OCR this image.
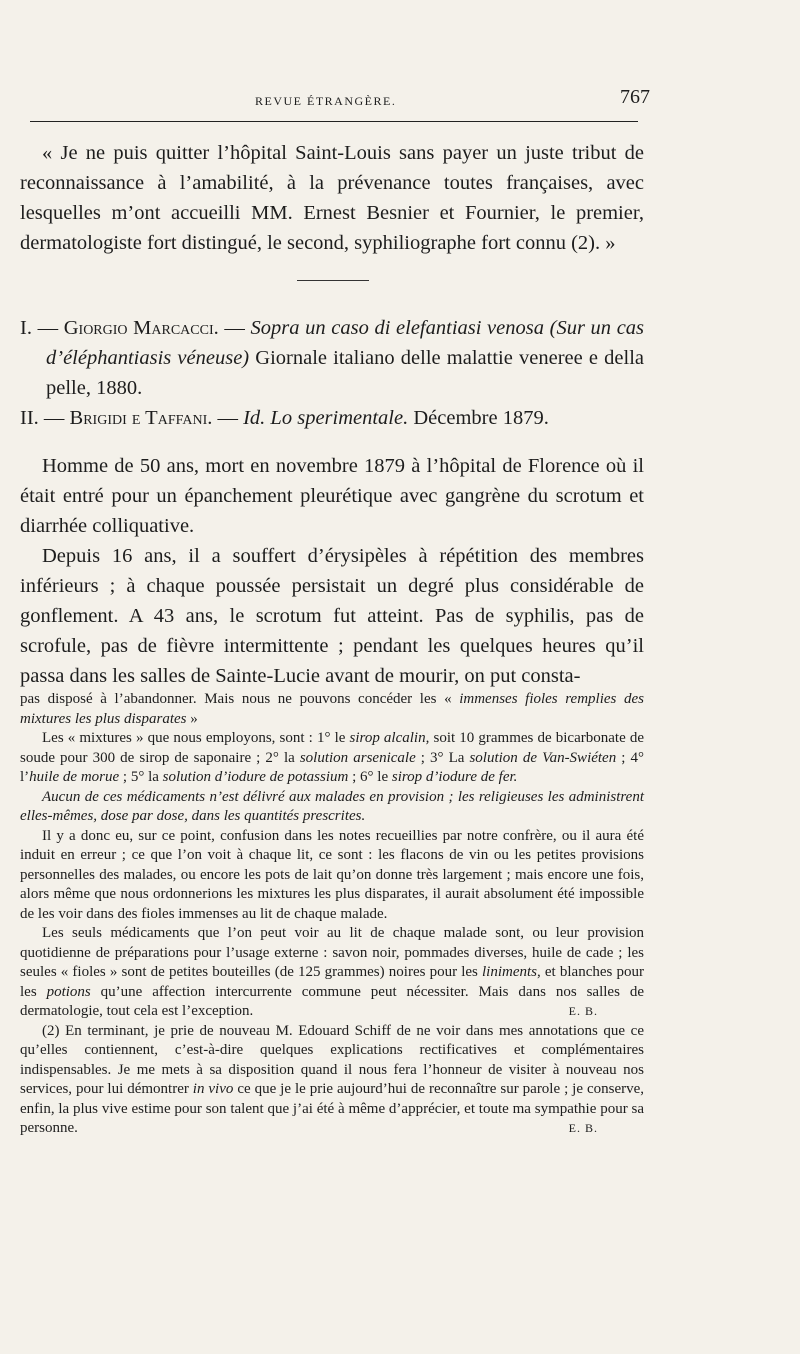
REVUE ÉTRANGÈRE.	767

« Je ne puis quitter l’hôpital Saint-Louis sans payer un juste tribut de reconnaissance à l’amabilité, à la prévenance toutes françaises, avec lesquelles m’ont accueilli MM. Ernest Besnier et Fournier, le premier, dermatologiste fort distingué, le second, syphiliographe fort connu (2). »

I. — Giorgio Marcacci. — Sopra un caso di elefantiasi venosa (Sur un cas d’éléphantiasis véneuse) Giornale italiano delle malattie veneree e della pelle, 1880.

II. — Brigidi e Taffani. — Id. Lo sperimentale. Décembre 1879.

Homme de 50 ans, mort en novembre 1879 à l’hôpital de Florence où il était entré pour un épanchement pleurétique avec gangrène du scrotum et diarrhée colliquative.

Depuis 16 ans, il a souffert d’érysipèles à répétition des membres inférieurs ; à chaque poussée persistait un degré plus considérable de gonflement. A 43 ans, le scrotum fut atteint. Pas de syphilis, pas de scrofule, pas de fièvre intermittente ; pendant les quelques heures qu’il passa dans les salles de Sainte-Lucie avant de mourir, on put consta-

pas disposé à l’abandonner. Mais nous ne pouvons concéder les « immenses fioles remplies des mixtures les plus disparates »

Les « mixtures » que nous employons, sont : 1° le sirop alcalin, soit 10 grammes de bicarbonate de soude pour 300 de sirop de saponaire ; 2° la solution arsenicale ; 3° La solution de Van-Swiéten ; 4° l’huile de morue ; 5° la solution d’iodure de potassium ; 6° le sirop d’iodure de fer.

Aucun de ces médicaments n’est délivré aux malades en provision ; les religieuses les administrent elles-mêmes, dose par dose, dans les quantités prescrites.

Il y a donc eu, sur ce point, confusion dans les notes recueillies par notre confrère, ou il aura été induit en erreur ; ce que l’on voit à chaque lit, ce sont : les flacons de vin ou les petites provisions personnelles des malades, ou encore les pots de lait qu’on donne très largement ; mais encore une fois, alors même que nous ordonnerions les mixtures les plus disparates, il aurait absolument été impossible de les voir dans des fioles immenses au lit de chaque malade.

Les seuls médicaments que l’on peut voir au lit de chaque malade sont, ou leur provision quotidienne de préparations pour l’usage externe : savon noir, pommades diverses, huile de cade ; les seules « fioles » sont de petites bouteilles (de 125 grammes) noires pour les liniments, et blanches pour les potions qu’une affection intercurrente commune peut nécessiter. Mais dans nos salles de dermatologie, tout cela est l’exception.	E. B.

(2) En terminant, je prie de nouveau M. Edouard Schiff de ne voir dans mes annotations que ce qu’elles contiennent, c’est-à-dire quelques explications rectificatives et complémentaires indispensables. Je me mets à sa disposition quand il nous fera l’honneur de visiter à nouveau nos services, pour lui démontrer in vivo ce que je le prie aujourd’hui de reconnaître sur parole ; je conserve, enfin, la plus vive estime pour son talent que j’ai été à même d’apprécier, et toute ma sympathie pour sa personne.	E. B.
